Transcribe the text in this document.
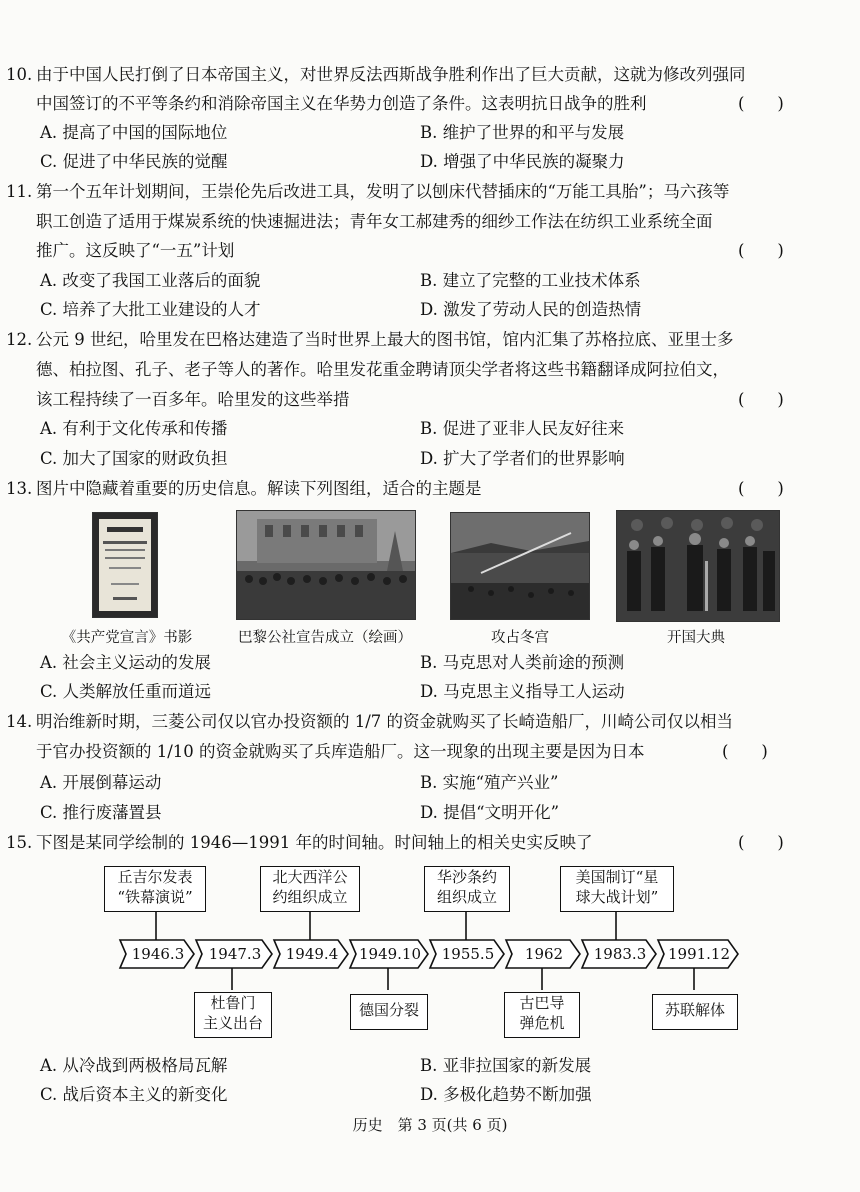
10. 由于中国人民打倒了日本帝国主义，对世界反法西斯战争胜利作出了巨大贡献，这就为修改列强同
中国签订的不平等条约和消除帝国主义在华势力创造了条件。这表明抗日战争的胜利	(　　)
A. 提高了中国的国际地位	B. 维护了世界的和平与发展
C. 促进了中华民族的觉醒	D. 增强了中华民族的凝聚力
11. 第一个五年计划期间，王崇伦先后改进工具，发明了以刨床代替插床的“万能工具胎”；马六孩等
职工创造了适用于煤炭系统的快速掘进法；青年女工郝建秀的细纱工作法在纺织工业系统全面
推广。这反映了“一五”计划	(　　)
A. 改变了我国工业落后的面貌	B. 建立了完整的工业技术体系
C. 培养了大批工业建设的人才	D. 激发了劳动人民的创造热情
12. 公元 9 世纪，哈里发在巴格达建造了当时世界上最大的图书馆，馆内汇集了苏格拉底、亚里士多
德、柏拉图、孔子、老子等人的著作。哈里发花重金聘请顶尖学者将这些书籍翻译成阿拉伯文，
该工程持续了一百多年。哈里发的这些举措	(　　)
A. 有利于文化传承和传播	B. 促进了亚非人民友好往来
C. 加大了国家的财政负担	D. 扩大了学者们的世界影响
13. 图片中隐藏着重要的历史信息。解读下列图组，适合的主题是	(　　)
《共产党宣言》书影	巴黎公社宣告成立（绘画）	攻占冬宫	开国大典
A. 社会主义运动的发展	B. 马克思对人类前途的预测
C. 人类解放任重而道远	D. 马克思主义指导工人运动
14. 明治维新时期，三菱公司仅以官办投资额的 1/7 的资金就购买了长崎造船厂，川崎公司仅以相当
于官办投资额的 1/10 的资金就购买了兵库造船厂。这一现象的出现主要是因为日本	(　　)
A. 开展倒幕运动	B. 实施“殖产兴业”
C. 推行废藩置县	D. 提倡“文明开化”
15. 下图是某同学绘制的 1946—1991 年的时间轴。时间轴上的相关史实反映了	(　　)
1946.3	1947.3	1949.4	1949.10	1955.5	1962	1983.3	1991.12
丘吉尔发表
“铁幕演说”
北大西洋公
约组织成立
华沙条约
组织成立
美国制订“星
球大战计划”
杜鲁门
主义出台
德国分裂	古巴导
弹危机
苏联解体
A. 从冷战到两极格局瓦解	B. 亚非拉国家的新发展
C. 战后资本主义的新变化	D. 多极化趋势不断加强
历史　第 3 页(共 6 页)
